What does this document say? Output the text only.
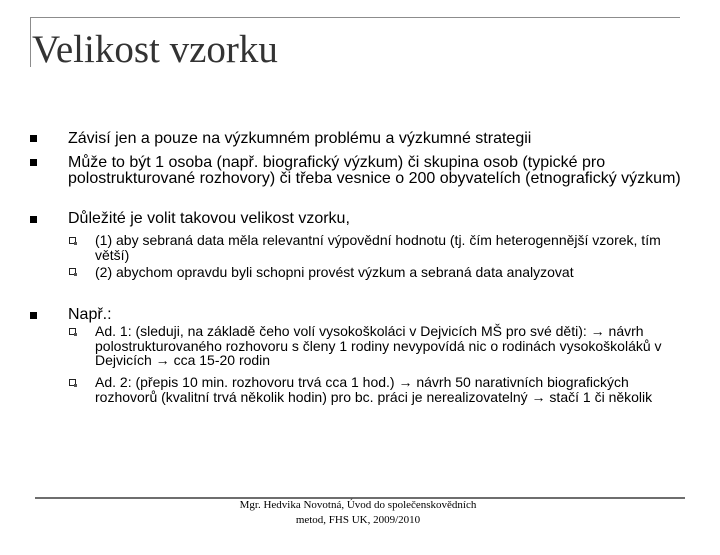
Velikost vzorku
Závisí jen a pouze na výzkumném problému a výzkumné strategii
Může to být 1 osoba (např. biografický výzkum) či skupina osob (typické pro polostrukturované rozhovory) či třeba vesnice o 200 obyvatelích (etnografický výzkum)
Důležité je volit takovou velikost vzorku,
(1) aby sebraná data měla relevantní výpovědní hodnotu (tj. čím heterogennější vzorek, tím větší)
(2) abychom opravdu byli schopni provést výzkum a sebraná data analyzovat
Např.:
Ad. 1: (sleduji, na základě čeho volí vysokoškoláci v Dejvicích MŠ pro své děti): → návrh polostrukturovaného rozhovoru s členy 1 rodiny nevypovídá nic o rodinách vysokoškoláků v Dejvicích → cca 15-20 rodin
Ad. 2: (přepis 10 min. rozhovoru trvá cca 1 hod.) → návrh 50 narativních biografických rozhovorů (kvalitní trvá několik hodin) pro bc. práci je nerealizovatelný → stačí 1 či několik
Mgr. Hedvika Novotná, Úvod do společenskovědních metod, FHS UK, 2009/2010
